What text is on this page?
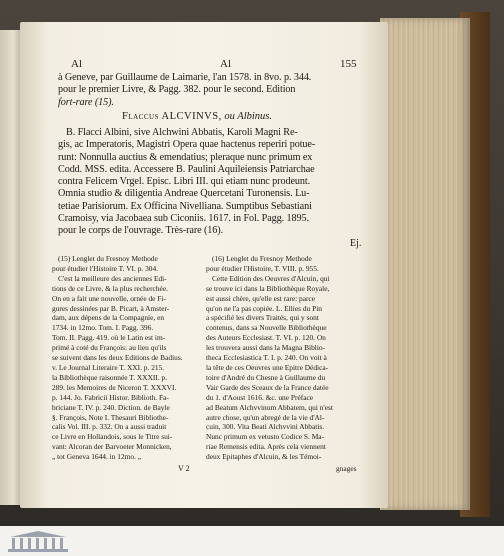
Al	Al	155
à Geneve, par Guillaume de Laimarie, l'an 1578. in 8vo. p. 344.
pour le premier Livre, & Pagg. 382. pour le second. Edition
fort-rare (15).
Flaccus ALCVINVS, ou Albinus.
B. Flacci Albini, sive Alchwini Abbatis, Karoli Magni Re-
gis, ac Imperatoris, Magistri Opera quae hactenus reperiri potue-
runt: Nonnulla auctius & emendatius; pleraque nunc primum ex
Codd. MSS. edita. Accessere B. Paulini Aquileiensis Patriarchae
contra Felicem Vrgel. Episc. Libri III. qui etiam nunc prodeunt.
Omnia studio & diligentia Andreae Quercetani Turonensis. Lu-
tetiae Parisiorum. Ex Officina Nivelliana. Sumptibus Sebastiani
Cramoisy, via Jacobaea sub Ciconiis. 1617. in Fol. Pagg. 1895.
pour le corps de l'ouvrage. Très-rare (16).
Ej.
(15) Lenglet du Fresnoy Methode
pour étudier l'Histoire T. VI. p. 304.
C'est la meilleure des anciennes Edi-
tions de ce Livre, & la plus recherchée.
On en a fait une nouvelle, ornée de Fi-
gures dessinées par B. Picart, à Amster-
dam, aux dépens de la Compagnie, en
1734. in 12mo. Tom. I. Pagg. 396.
Tom. II. Pagg. 419. où le Latin est im-
primé à coté du François: au lieu qu'ils
se suivent dans les deux Editions de Badius.
v. Le Journal Literaire T. XXI. p. 215.
la Bibliothèque raisonnée T. XXXII. p.
289. les Memoires de Niceron T. XXXVI.
p. 144. Jo. Fabricii Histor. Biblioth. Fa-
briciane T. IV. p. 240. Diction. de Bayle
§. François, Note I. Thesauri Bibliothe-
calis Vol. III. p. 332. On a aussi traduit
ce Livre en Hollandois, sous le Titre sui-
vant: Alcoran der Barvoeter Monnicken,
„ tot Geneva 1644. in 12mo. „
(16) Lenglet du Fresnoy Methode
pour étudier l'Histoire, T. VIII. p. 955.
Cette Edition des Oeuvres d'Alcuin, qui
se trouve ici dans la Bibliothèque Royale,
est aussi chère, qu'elle est rare: parce
qu'on ne l'a pas copiée. L. Ellies du Pin
a spécifié les divers Traités, qui y sont
contenus, dans sa Nouvelle Bibliothèque
des Auteurs Ecclesiast. T. VI. p. 120. On
les trouvera aussi dans la Magna Biblio-
theca Ecclesiastica T. I. p. 240. On voit à
la tête de ces Oeuvres une Epitre Dédica-
toire d'André du Chesne à Guillaume du
Vair Garde des Sceaux de la France datée
du 1. d'Aoust 1616. &c. une Préface
ad Beatum Alchvvinum Abbatem, qui n'est
autre chose, qu'un abregé de la vie d'Al-
cuin, 300. Vita Beati Alchvvini Abbatis.
Nunc primum ex vetusto Codice S. Ma-
riae Remensis edita. Après cela viennent
deux Epitaphes d'Alcuin, & les Témoi-
V 2	gnages
